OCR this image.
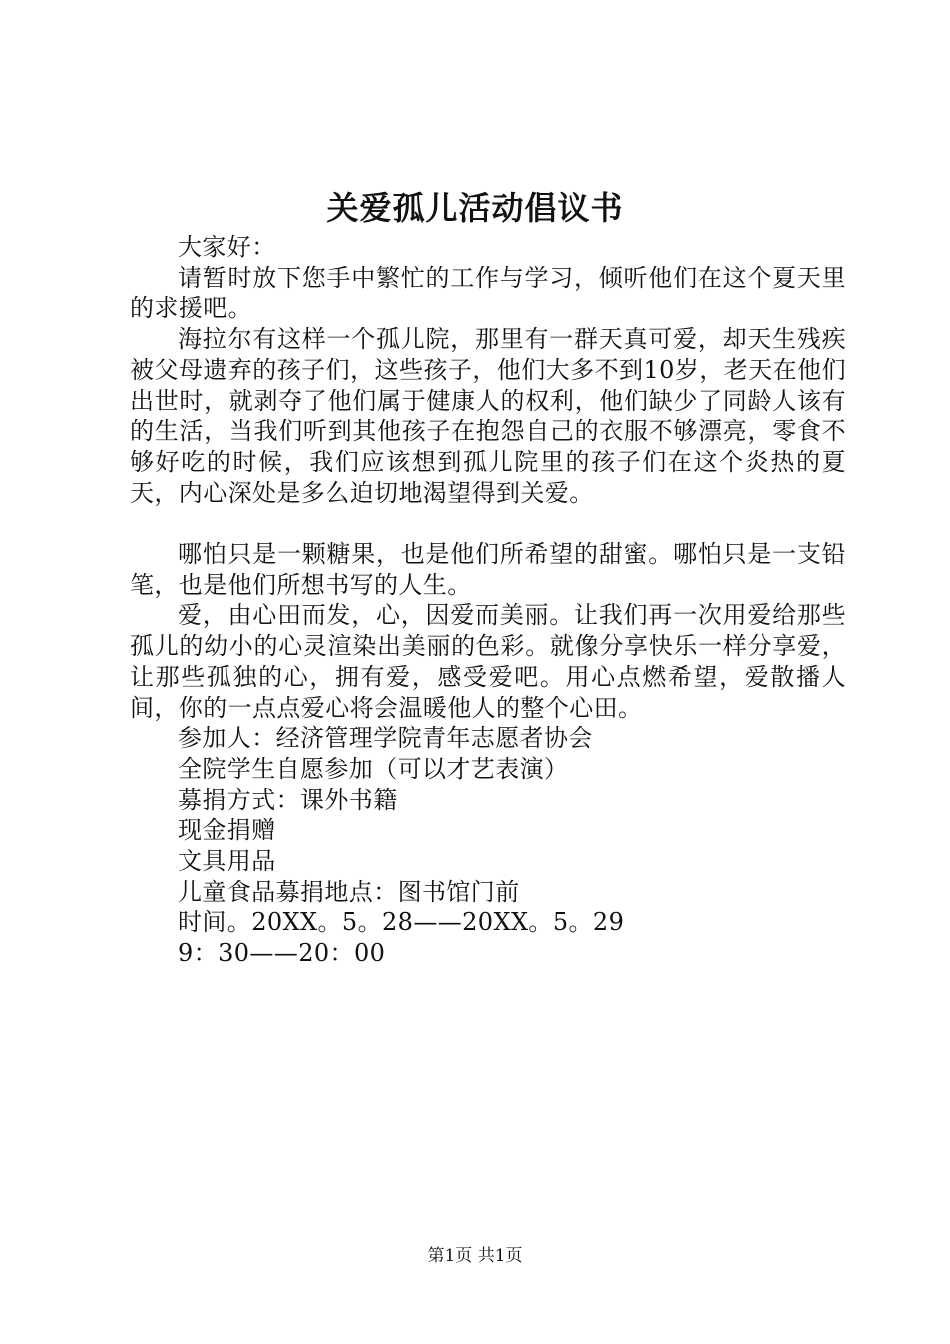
关爱孤儿活动倡议书

大家好：

请暂时放下您手中繁忙的工作与学习，倾听他们在这个夏天里的求援吧。

海拉尔有这样一个孤儿院，那里有一群天真可爱，却天生残疾被父母遗弃的孩子们，这些孩子，他们大多不到10岁，老天在他们出世时，就剥夺了他们属于健康人的权利，他们缺少了同龄人该有的生活，当我们听到其他孩子在抱怨自己的衣服不够漂亮，零食不够好吃的时候，我们应该想到孤儿院里的孩子们在这个炎热的夏天，内心深处是多么迫切地渴望得到关爱。

哪怕只是一颗糖果，也是他们所希望的甜蜜。哪怕只是一支铅笔，也是他们所想书写的人生。

爱，由心田而发，心，因爱而美丽。让我们再一次用爱给那些孤儿的幼小的心灵渲染出美丽的色彩。就像分享快乐一样分享爱，让那些孤独的心，拥有爱，感受爱吧。用心点燃希望，爱散播人间，你的一点点爱心将会温暖他人的整个心田。

参加人：经济管理学院青年志愿者协会

全院学生自愿参加（可以才艺表演）

募捐方式：课外书籍

现金捐赠

文具用品

儿童食品募捐地点：图书馆门前

时间。20XX。5。28——20XX。5。29

9：30——20：00

第1页 共1页
